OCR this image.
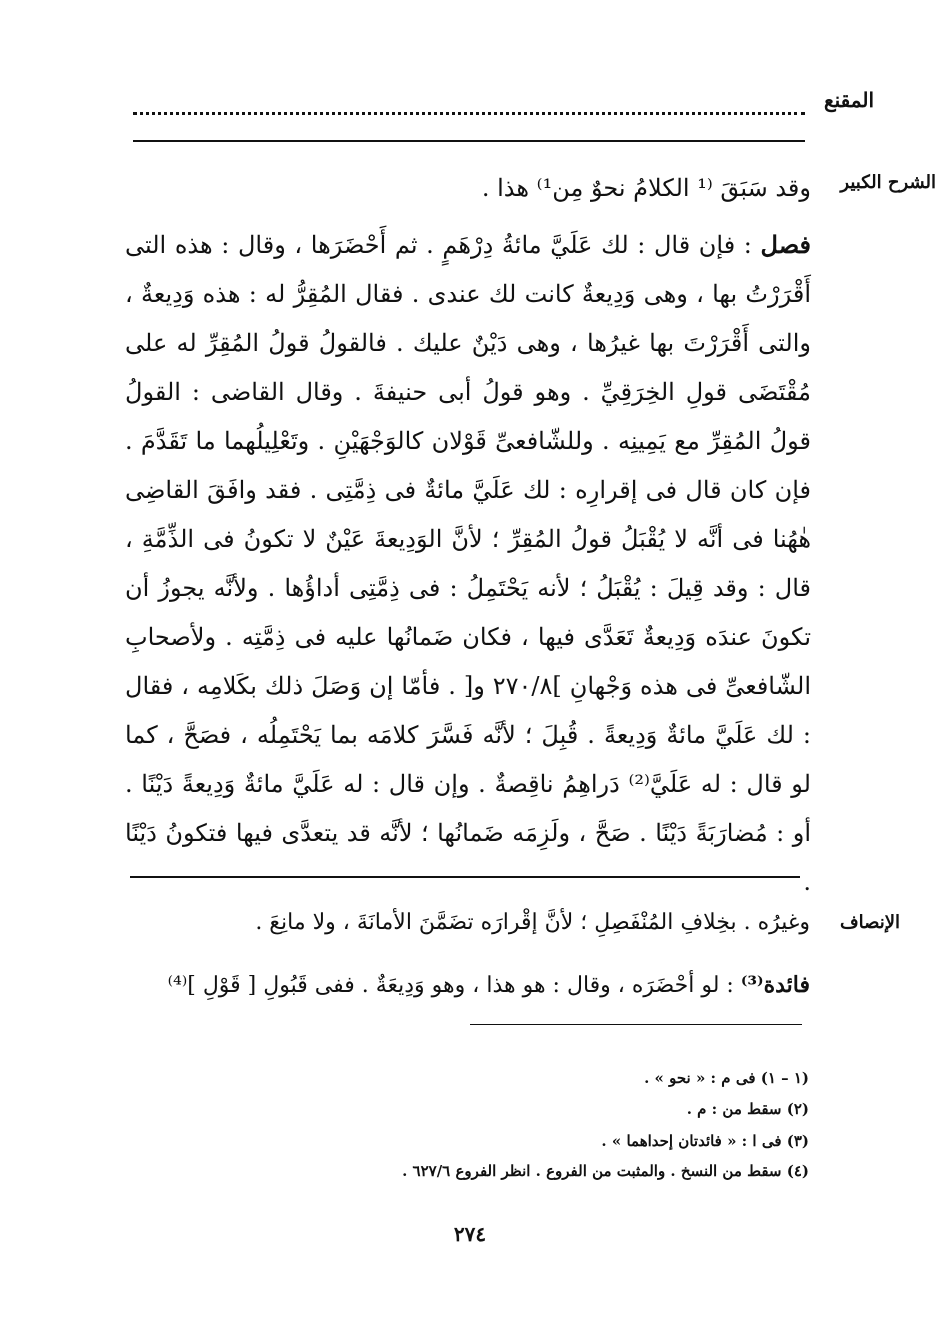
المقنع
الشرح الكبير
وقد سَبَقَ ⁽¹ الكلامُ نحوٌ مِن¹⁾ هذا .
فصل : فإن قال : لك عَلَيَّ مائةُ دِرْهَمٍ . ثم أَحْضَرَها ، وقال : هذه التى أَقْرَرْتُ بها ، وهى وَدِيعةٌ كانت لك عندى . فقال المُقِرُّ له : هذه وَدِيعةٌ ، والتى أَقْرَرْتَ بها غيرُها ، وهى دَيْنٌ عليك . فالقولُ قولُ المُقِرِّ له على مُقْتَضَى قولِ الخِرَقِيِّ . وهو قولُ أبى حنيفةَ . وقال القاضى : القولُ قولُ المُقِرِّ مع يَمِينِه . وللشّافعىِّ قَوْلان كالوَجْهَيْنِ . وتَعْلِيلُهما ما تَقَدَّمَ . فإن كان قال فى إقرارِه : لك عَلَيَّ مائةٌ فى ذِمَّتِى . فقد وافَقَ القاضِى هٰهُنا فى أنَّه لا يُقْبَلُ قولُ المُقِرِّ ؛ لأنَّ الوَدِيعةَ عَيْنٌ لا تكونُ فى الذِّمَّةِ ، قال : وقد قِيلَ : يُقْبَلُ ؛ لأنه يَحْتَمِلُ : فى ذِمَّتِى أداؤُها . ولأنَّه يجوزُ أن تكونَ عندَه وَدِيعةٌ تَعَدَّى فيها ، فكان ضَمانُها عليه فى ذِمَّتِه . ولأصحابِ الشّافعىِّ فى هذه وَجْهانِ ]٢٧٠/٨ و[ . فأمّا إن وَصَلَ ذلك بكَلامِه ، فقال : لك عَلَيَّ مائةٌ وَدِيعةً . قُبِلَ ؛ لأنَّه فَسَّرَ كلامَه بما يَحْتَمِلُه ، فصَحَّ ، كما لو قال : له عَلَيَّ⁽²⁾ دَراهِمُ ناقِصةٌ . وإن قال : له عَلَيَّ مائةٌ وَدِيعةً دَيْنًا . أو : مُضارَبَةً دَيْنًا . صَحَّ ، ولَزِمَه ضَمانُها ؛ لأنَّه قد يتعدَّى فيها فتكونُ دَيْنًا .
الإنصاف
وغيرُه . بخِلافِ المُنْفَصِلِ ؛ لأنَّ إقْرارَه تضَمَّنَ الأمانَةَ ، ولا مانِعَ .
فائدة⁽³⁾ : لو أحْضَرَه ، وقال : هو هذا ، وهو وَدِيعَةٌ . ففى قَبُولِ [ قَوْلِ ]⁽⁴⁾
(١ – ١) فى م : « نحو » .
(٢) سقط من : م .
(٣) فى ا : « فائدتان إحداهما » .
(٤) سقط من النسخ . والمثبت من الفروع . انظر الفروع ٦٢٧/٦ .
٢٧٤
